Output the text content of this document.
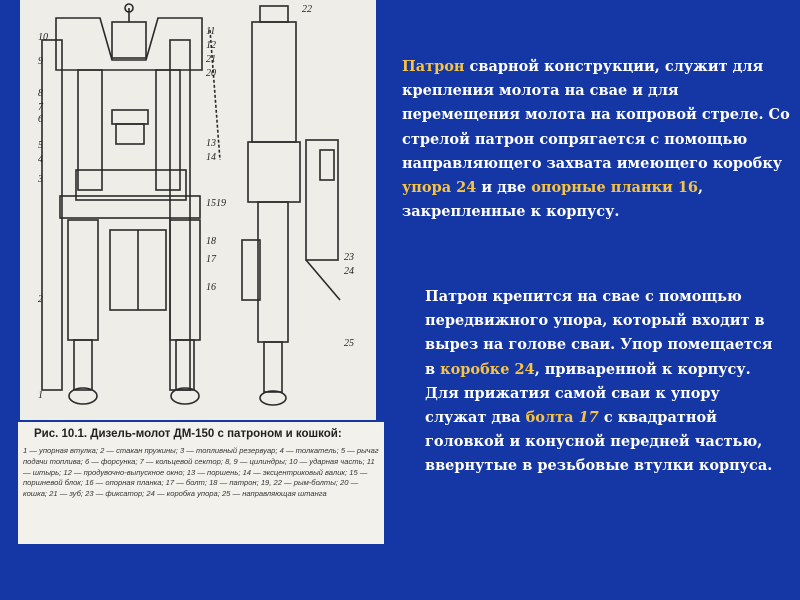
10
9
8
7
6
5
4
3
2
1
11
12
13
14
15
16
17
18
19
20
21
22
23
24
25
Рис. 10.1. Дизель-молот ДМ-150 с патроном и кошкой:
1 — упорная втулка; 2 — стакан пружины; 3 — топливный резервуар; 4 — толкатель; 5 — рычаг подачи топлива; 6 — форсунка; 7 — кольцевой сектор; 8, 9 — цилиндры; 10 — ударная часть; 11 — штырь; 12 — продувочно-выпускное окно; 13 — поршень; 14 — эксцентриковый валик; 15 — поршневой блок; 16 — опорная планка; 17 — болт; 18 — патрон; 19, 22 — рым-болты; 20 — кошка; 21 — зуб; 23 — фиксатор; 24 — коробка упора; 25 — направляющая штанга
Патрон сварной конструкции, служит для крепления молота на свае и для перемещения молота на копровой стреле. Со стрелой патрон сопрягается с помощью направляющего захвата имеющего коробку упора 24 и две опорные планки 16, закрепленные к корпусу.
Патрон крепится на свае с помощью передвижного упора, который входит в вырез на голове сваи. Упор помещается в коробке 24, приваренной к корпусу. Для прижатия самой сваи к упору служат два болта 17 с квадратной головкой и конусной передней частью, ввернутые в резьбовые втулки корпуса.
